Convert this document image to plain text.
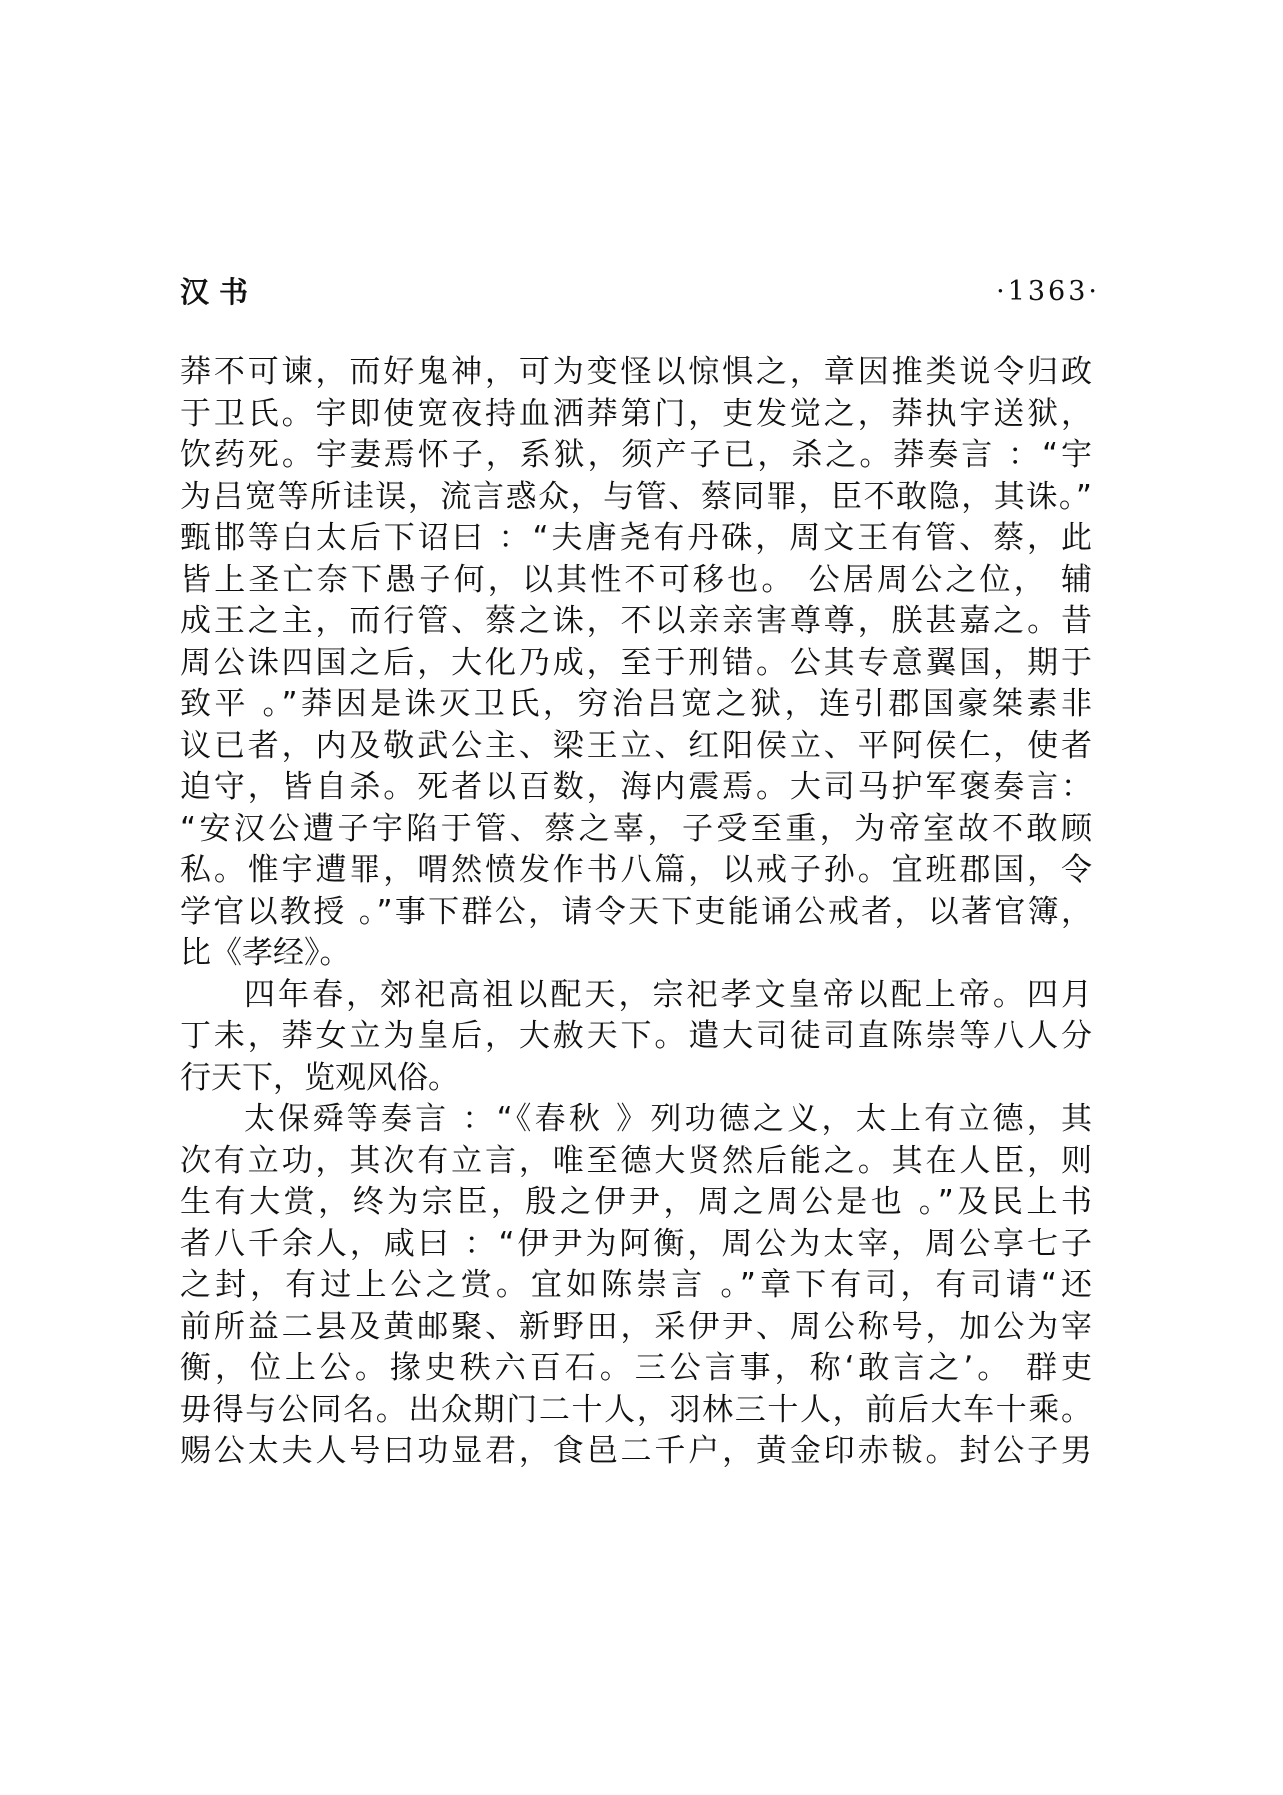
汉书	·1363·
莽不可谏，而好鬼神，可为变怪以惊惧之，章因推类说令归政
于卫氏。宇即使宽夜持血洒莽第门，吏发觉之，莽执宇送狱，
饮药死。宇妻焉怀子，系狱，须产子已，杀之。莽奏言 ：“宇
为吕宽等所诖误，流言惑众，与管、蔡同罪，臣不敢隐，其诛。”
甄邯等白太后下诏曰 ：“夫唐尧有丹硃，周文王有管、蔡，此
皆上圣亡奈下愚子何，以其性不可移也。 公居周公之位， 辅
成王之主，而行管、蔡之诛，不以亲亲害尊尊，朕甚嘉之。昔
周公诛四国之后，大化乃成，至于刑错。公其专意翼国，期于
致平 。”莽因是诛灭卫氏，穷治吕宽之狱，连引郡国豪桀素非
议已者，内及敬武公主、梁王立、红阳侯立、平阿侯仁，使者
迫守，皆自杀。死者以百数，海内震焉。大司马护军褒奏言：
“安汉公遭子宇陷于管、蔡之辜，子受至重，为帝室故不敢顾
私。惟宇遭罪，喟然愤发作书八篇，以戒子孙。宜班郡国，令
学官以教授 。”事下群公，请令天下吏能诵公戒者，以著官簿，
比《孝经》。
四年春，郊祀高祖以配天，宗祀孝文皇帝以配上帝。四月
丁未，莽女立为皇后，大赦天下。遣大司徒司直陈崇等八人分
行天下，览观风俗。
太保舜等奏言 ：“《春秋 》列功德之义，太上有立德，其
次有立功，其次有立言，唯至德大贤然后能之。其在人臣，则
生有大赏，终为宗臣，殷之伊尹，周之周公是也 。”及民上书
者八千余人，咸曰 ：“伊尹为阿衡，周公为太宰，周公享七子
之封，有过上公之赏。宜如陈崇言 。”章下有司，有司请“还
前所益二县及黄邮聚、新野田，采伊尹、周公称号，加公为宰
衡，位上公。掾史秩六百石。三公言事，称‘敢言之’。 群吏
毋得与公同名。出众期门二十人，羽林三十人，前后大车十乘。
赐公太夫人号曰功显君，食邑二千户，黄金印赤韨。封公子男
